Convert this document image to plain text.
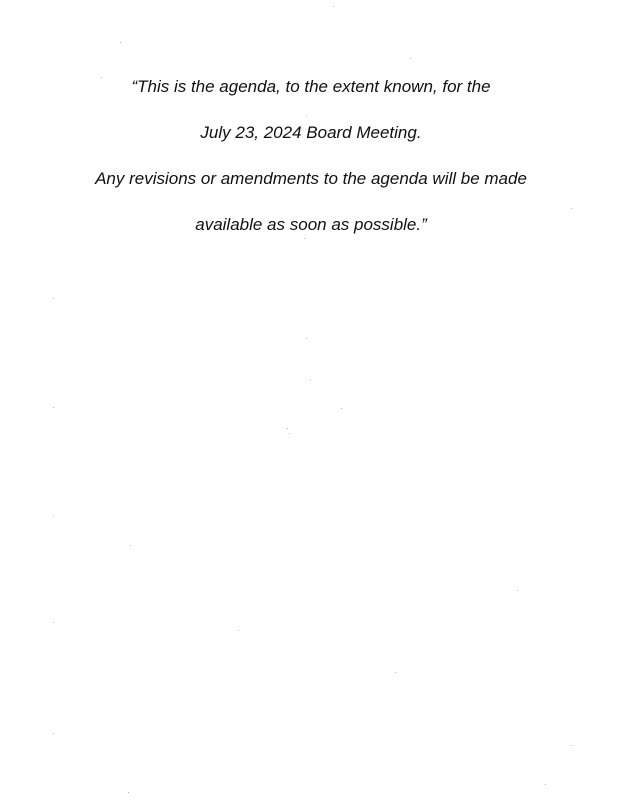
“This is the agenda, to the extent known, for the
July 23, 2024 Board Meeting.
Any revisions or amendments to the agenda will be made
available as soon as possible.”
